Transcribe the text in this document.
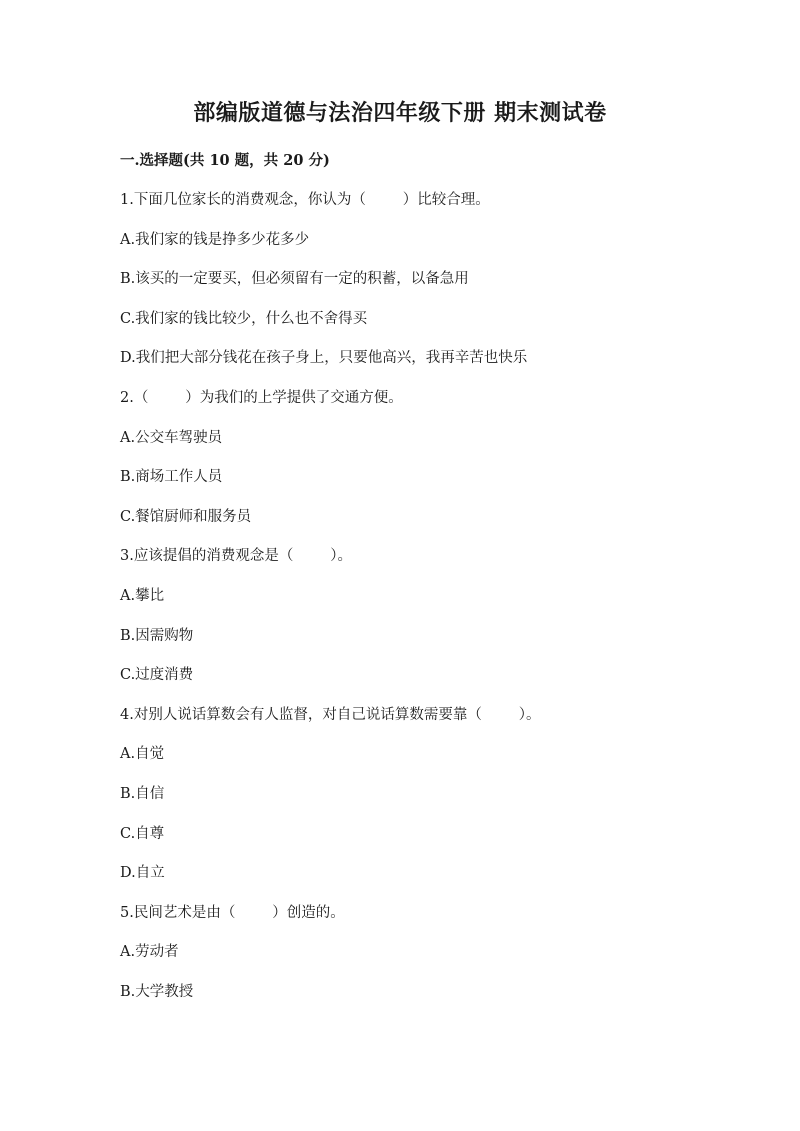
部编版道德与法治四年级下册 期末测试卷
一.选择题(共 10 题，共 20 分)
1.下面几位家长的消费观念，你认为（        ）比较合理。
A.我们家的钱是挣多少花多少
B.该买的一定要买，但必须留有一定的积蓄，以备急用
C.我们家的钱比较少，什么也不舍得买
D.我们把大部分钱花在孩子身上，只要他高兴，我再辛苦也快乐
2.（        ）为我们的上学提供了交通方便。
A.公交车驾驶员
B.商场工作人员
C.餐馆厨师和服务员
3.应该提倡的消费观念是（        ）。
A.攀比
B.因需购物
C.过度消费
4.对别人说话算数会有人监督，对自己说话算数需要靠（        ）。
A.自觉
B.自信
C.自尊
D.自立
5.民间艺术是由（        ）创造的。
A.劳动者
B.大学教授
